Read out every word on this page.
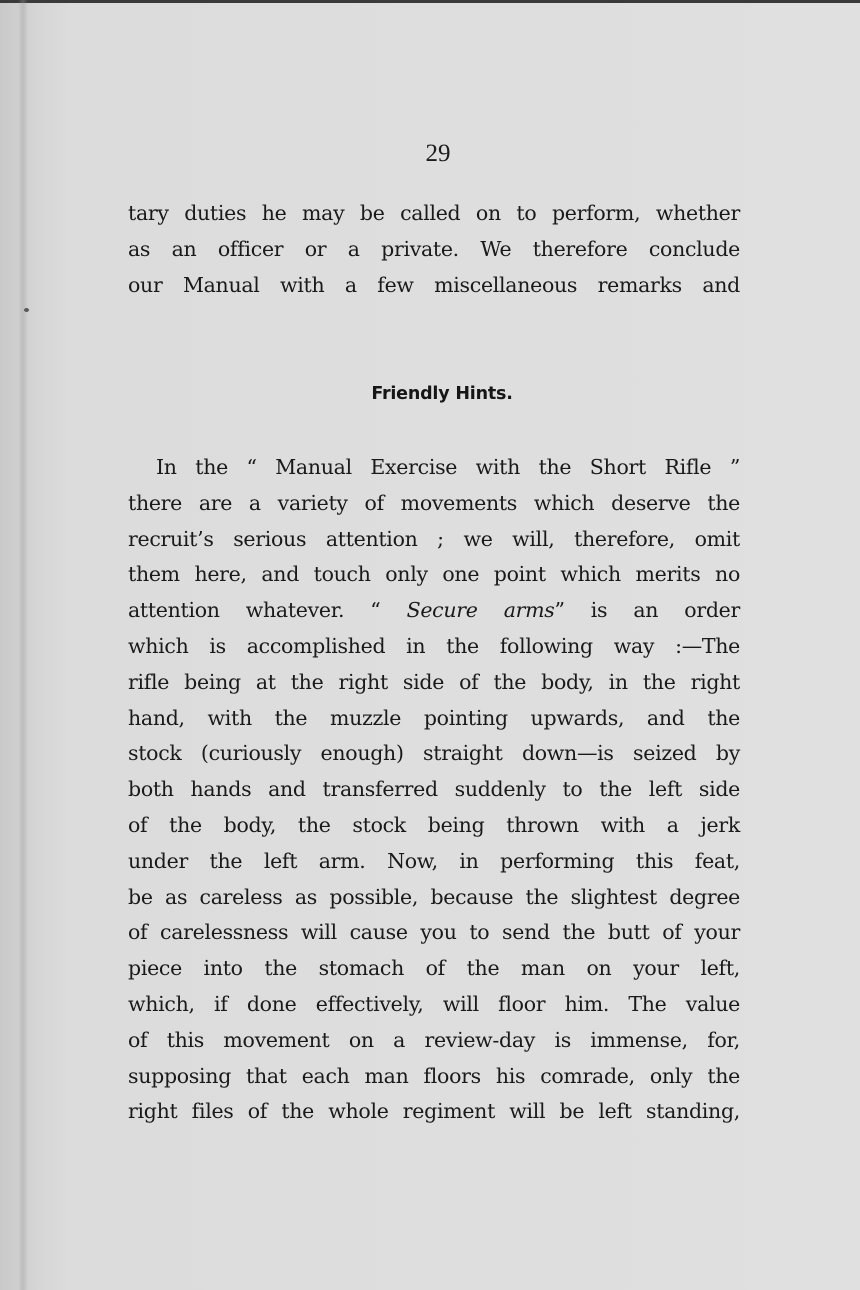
29
tary duties he may be called on to perform, whether
as an officer or a private. We therefore conclude
our Manual with a few miscellaneous remarks and
Friendly Hints.
In the “ Manual Exercise with the Short Rifle ”
there are a variety of movements which deserve the
recruit’s serious attention ; we will, therefore, omit
them here, and touch only one point which merits no
attention whatever. “ Secure arms” is an order
which is accomplished in the following way :—The
rifle being at the right side of the body, in the right
hand, with the muzzle pointing upwards, and the
stock (curiously enough) straight down—is seized by
both hands and transferred suddenly to the left side
of the body, the stock being thrown with a jerk
under the left arm. Now, in performing this feat,
be as careless as possible, because the slightest degree
of carelessness will cause you to send the butt of your
piece into the stomach of the man on your left,
which, if done effectively, will floor him. The value
of this movement on a review-day is immense, for,
supposing that each man floors his comrade, only the
right files of the whole regiment will be left standing,
